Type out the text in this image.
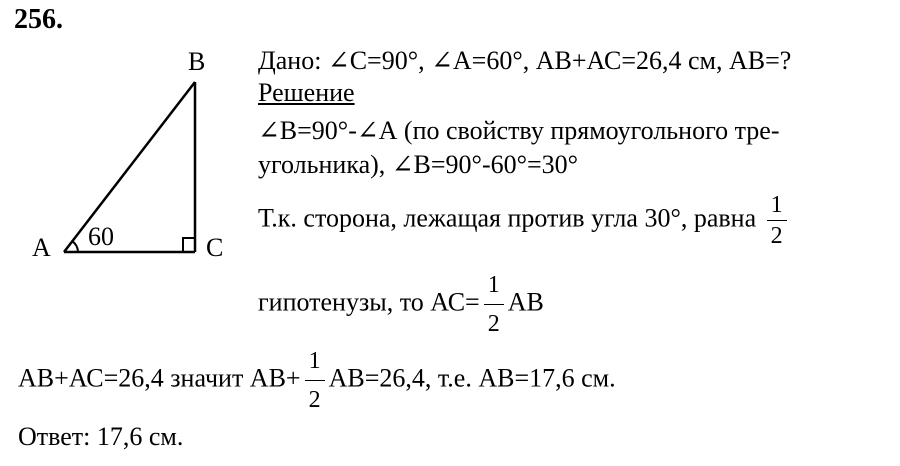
256.
B
A	C
60
Дано: ∠С=90°, ∠А=60°, АВ+АС=26,4 см, АВ=?
Решение
∠В=90°-∠А (по свойству прямоугольного тре-
угольника), ∠В=90°-60°=30°
Т.к. сторона, лежащая против угла 30°, равна $\frac{1}{2}$
гипотенузы, то $АС= \frac{1}{2}$ АВ
АВ+АС=26,4 значит $АВ+ \frac{1}{2} АВ=26,4$, т.е. АВ=17,6 см.
Ответ: 17,6 см.
